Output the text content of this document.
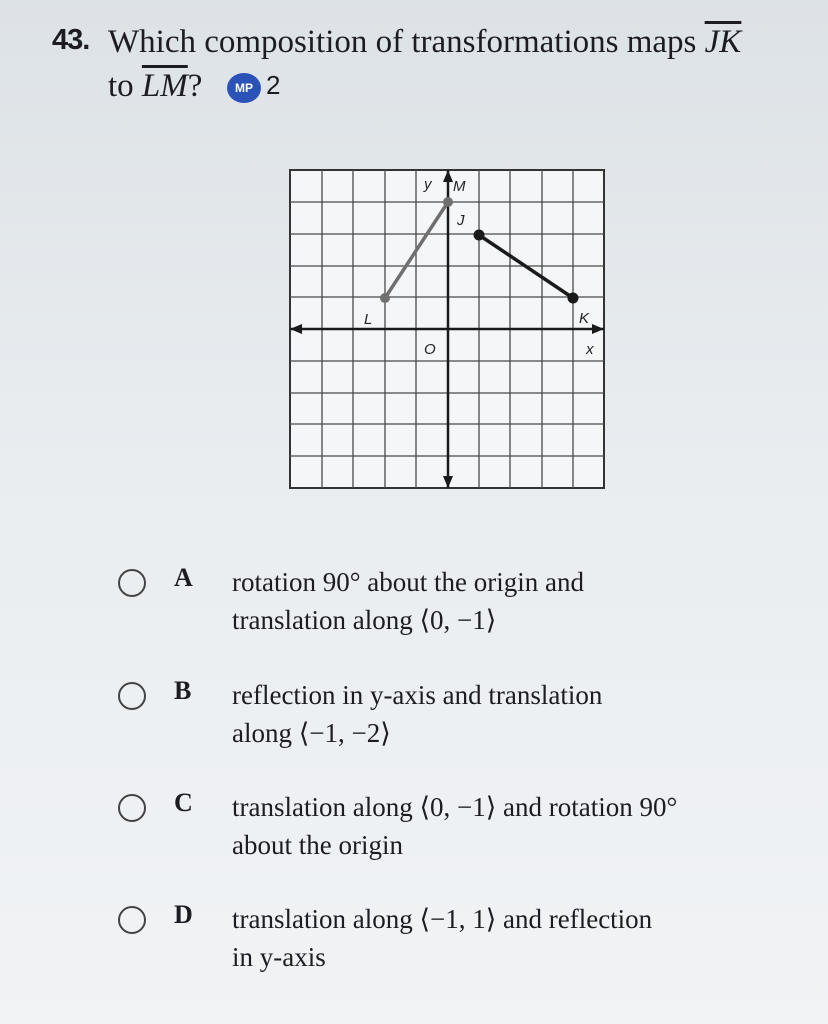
43. Which composition of transformations maps $\overline{JK}$
to $\overline{LM}$?	MP 2
y M
J
L	K
O	x
A rotation 90° about the origin and
translation along ⟨0, −1⟩
B reflection in y-axis and translation
along ⟨−1, −2⟩
C translation along ⟨0, −1⟩ and rotation 90°
about the origin
D translation along ⟨−1, 1⟩ and reflection
in y-axis
